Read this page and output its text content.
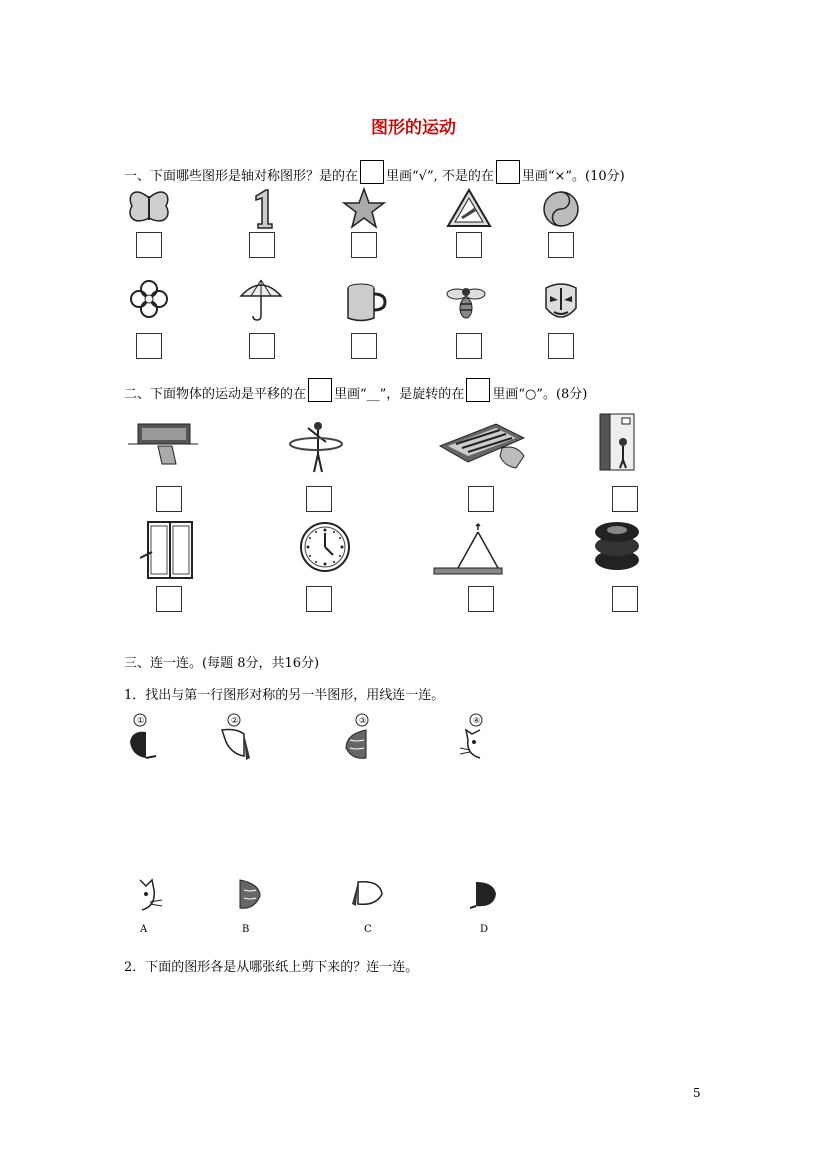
图形的运动
一、下面哪些图形是轴对称图形？是的在 里画“√”, 不是的在 里画“×”。(10分)
二、下面物体的运动是平移的在 里画“__”，是旋转的在 里画“○”。(8分)
三、连一连。(每题 8分，共16分)
1．找出与第一行图形对称的另一半图形，用线连一连。
①	②	③	④
A	B	C	D
2．下面的图形各是从哪张纸上剪下来的？连一连。
5
